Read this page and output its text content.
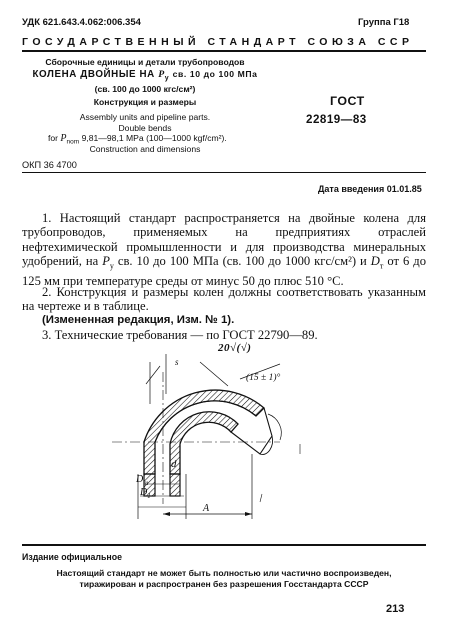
УДК 621.643.4.062:006.354	Группа Г18
ГОСУДАРСТВЕННЫЙ СТАНДАРТ СОЮЗА ССР
Сборочные единицы и детали трубопроводов
КОЛЕНА ДВОЙНЫЕ НА $P_у$ св. 10 до 100 МПа
(св. 100 до 1000 кгс/см²)
Конструкция и размеры
Assembly units and pipeline parts.
Double bends
for $P_{nom}$ 9,81—98,1 MPa (100—1000 kgf/cm²).
Construction and dimensions
ОКП 36 4700
ГОСТ
22819—83
Дата введения 01.01.85
1. Настоящий стандарт распространяется на двойные колена для трубопроводов, применяемых на предприятиях отраслей нефтехимической промышленности и для производства минеральных удобрений, на $P_у$ св. 10 до 100 МПа (св. 100 до 1000 кгс/см²) и $D_т$ от 6 до 125 мм при температуре среды от минус 50 до плюс 510 °С.
2. Конструкция и размеры колен должны соответствовать указанным на чертеже и в таблице.
(Измененная редакция, Изм. № 1).
3. Технические требования — по ГОСТ 22790—89.
s
20√(√)
(15 ± 1)°
d
$D_т$
$D_1$
A
Издание официальное
Настоящий стандарт не может быть полностью или частично воспроизведен,
тиражирован и распространен без разрешения Госстандарта СССР
213
